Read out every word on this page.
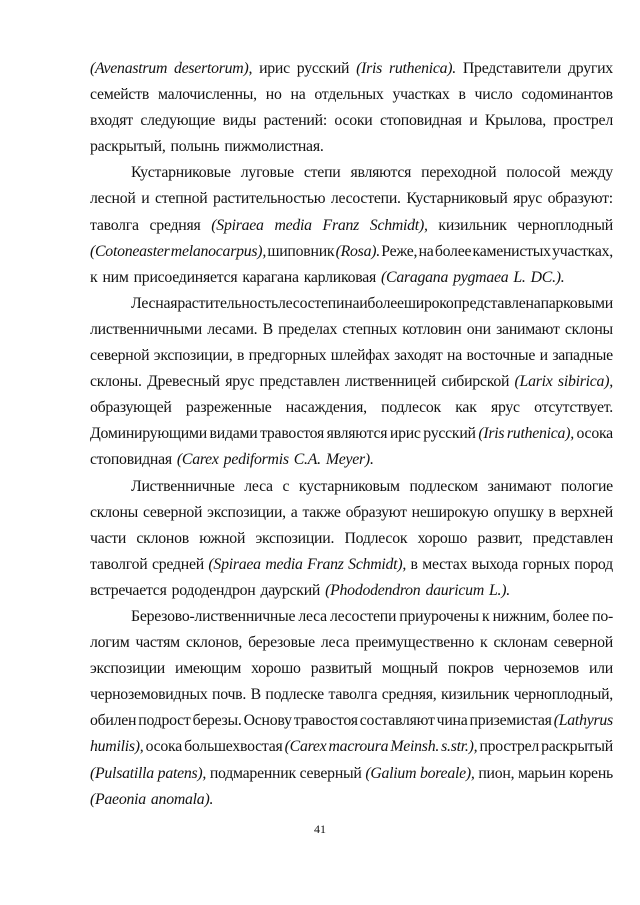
(Avenastrum desertorum), ирис русский (Iris ruthenica). Представители других
семейств малочисленны, но на отдельных участках в число содоминантов
входят следующие виды растений: осоки стоповидная и Крылова, прострел
раскрытый, полынь пижмолистная.
Кустарниковые луговые степи являются переходной полосой между
лесной и степной растительностью лесостепи. Кустарниковый ярус образуют:
таволга средняя (Spiraea media Franz Schmidt), кизильник черноплодный
(Cotoneaster melanocarpus), шиповник (Rosa). Реже, на более каменистых участках,
к ним присоединяется карагана карликовая (Caragana pygmaea L. DC.).
Лесная растительность лесостепи наиболее широко представлена парковыми
лиственничными лесами. В пределах степных котловин они занимают склоны
северной экспозиции, в предгорных шлейфах заходят на восточные и западные
склоны. Древесный ярус представлен лиственницей сибирской (Larix sibirica),
образующей разреженные насаждения, подлесок как ярус отсутствует.
Доминирующими видами травостоя являются ирис русский (Iris ruthenica), осока
стоповидная (Carex pediformis C.A. Meyer).
Лиственничные леса с кустарниковым подлеском занимают пологие
склоны северной экспозиции, а также образуют неширокую опушку в верхней
части склонов южной экспозиции. Подлесок хорошо развит, представлен
таволгой средней (Spiraea media Franz Schmidt), в местах выхода горных пород
встречается рододендрон даурский (Phododendron dauricum L.).
Березово-лиственничные леса лесостепи приурочены к нижним, более по-
логим частям склонов, березовые леса преимущественно к склонам северной
экспозиции имеющим хорошо развитый мощный покров черноземов или
черноземовидных почв. В подлеске таволга средняя, кизильник черноплодный,
обилен подрост березы. Основу травостоя составляют чина приземистая (Lathyrus
humilis), осока большехвостая (Carex macroura Meinsh. s.str.), прострел раскрытый
(Pulsatilla patens), подмаренник северный (Galium boreale), пион, марьин корень
(Paeonia anomala).
41
